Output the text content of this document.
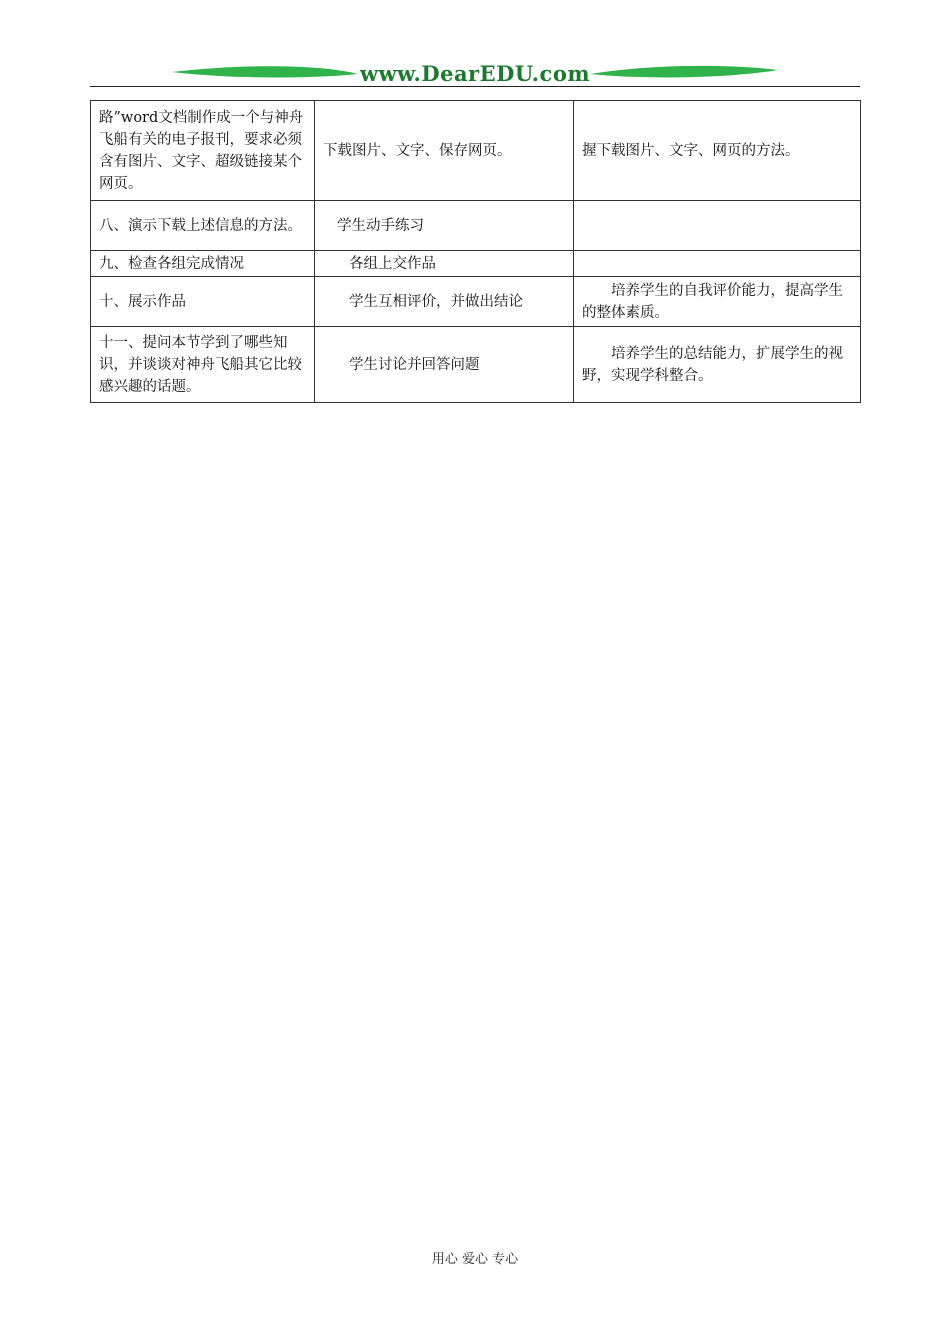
www.DearEDU.com
路”word文档制作成一个与神舟飞船有关的电子报刊，要求必须含有图片、文字、超级链接某个网页。	下载图片、文字、保存网页。	握下载图片、文字、网页的方法。
八、演示下载上述信息的方法。	学生动手练习	
九、检查各组完成情况	各组上交作品	
十、展示作品	学生互相评价，并做出结论	培养学生的自我评价能力，提高学生的整体素质。
十一、提问本节学到了哪些知识，并谈谈对神舟飞船其它比较感兴趣的话题。	学生讨论并回答问题	培养学生的总结能力，扩展学生的视野，实现学科整合。
用心 爱心 专心
